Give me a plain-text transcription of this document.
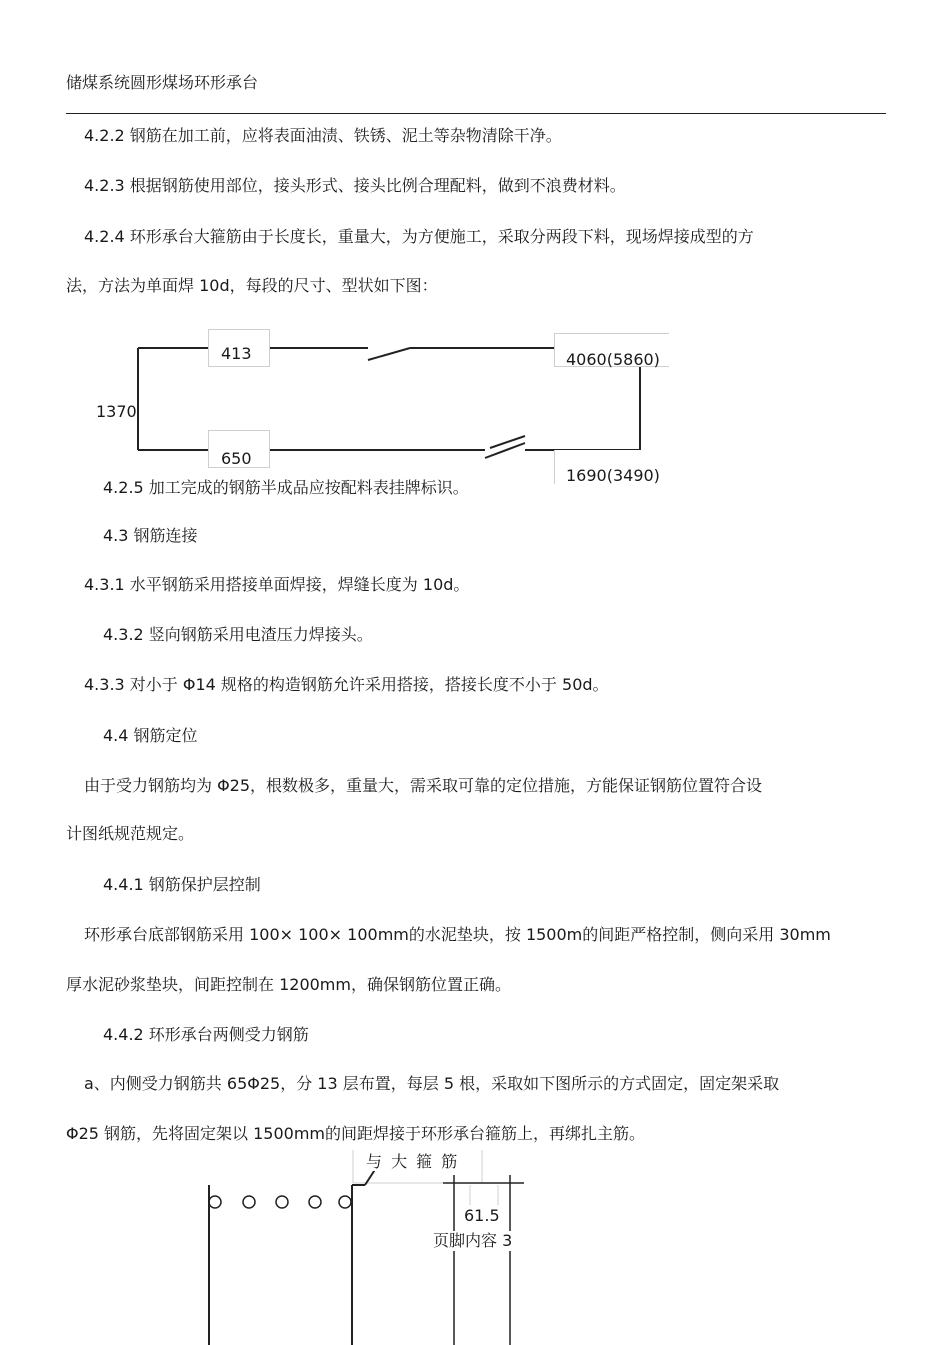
储煤系统圆形煤场环形承台
4.2.2 钢筋在加工前，应将表面油渍、铁锈、泥土等杂物清除干净。
4.2.3 根据钢筋使用部位，接头形式、接头比例合理配料，做到不浪费材料。
4.2.4 环形承台大箍筋由于长度长，重量大，为方便施工，采取分两段下料，现场焊接成型的方
法，方法为单面焊 10d，每段的尺寸、型状如下图：
413	4060(5860)
1370
650
1690(3490)
4.2.5 加工完成的钢筋半成品应按配料表挂牌标识。
4.3 钢筋连接
4.3.1 水平钢筋采用搭接单面焊接，焊缝长度为 10d。
4.3.2 竖向钢筋采用电渣压力焊接头。
4.3.3 对小于 Φ14 规格的构造钢筋允许采用搭接，搭接长度不小于 50d。
4.4 钢筋定位
由于受力钢筋均为 Φ25，根数极多，重量大，需采取可靠的定位措施，方能保证钢筋位置符合设
计图纸规范规定。
4.4.1 钢筋保护层控制
环形承台底部钢筋采用 100× 100× 100mm的水泥垫块，按 1500m的间距严格控制，侧向采用 30mm
厚水泥砂浆垫块，间距控制在 1200mm，确保钢筋位置正确。
4.4.2 环形承台两侧受力钢筋
a、内侧受力钢筋共 65Φ25，分 13 层布置，每层 5 根，采取如下图所示的方式固定，固定架采取
Φ25 钢筋，先将固定架以 1500mm的间距焊接于环形承台箍筋上，再绑扎主筋。
与 大 箍 筋
61.5
页脚内容 3
